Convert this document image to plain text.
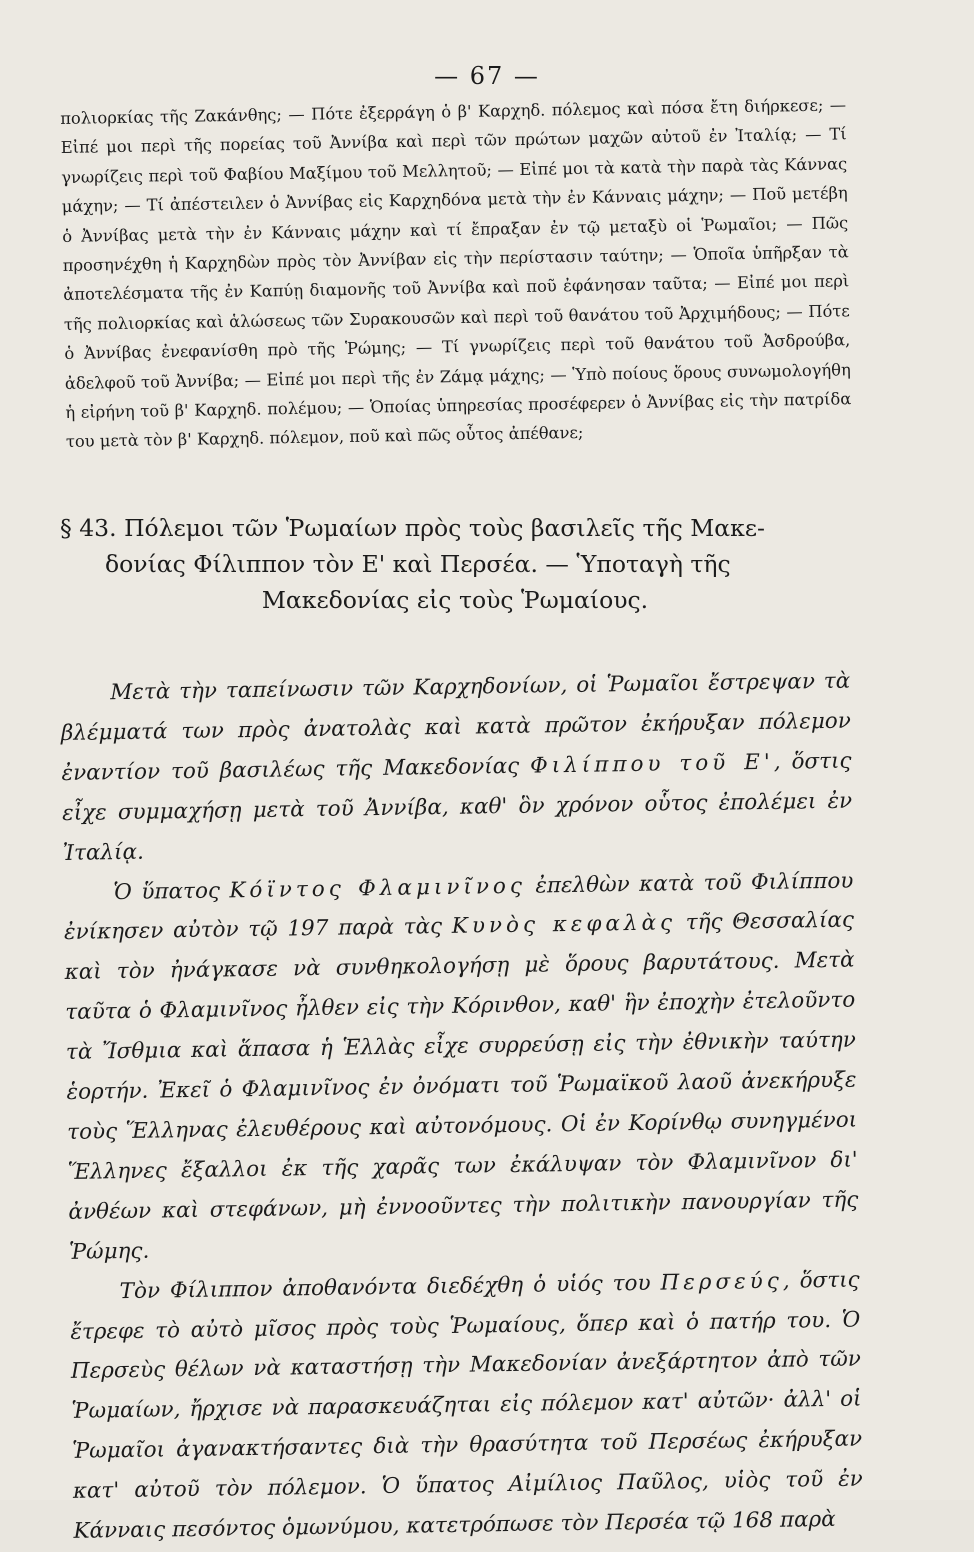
— 67 —

πολιορκίας τῆς Ζακάνθης; — Πότε ἐξερράγη ὁ β' Καρχηδ. πόλεμος καὶ πόσα ἔτη διήρκεσε; — Εἰπέ μοι περὶ τῆς πορείας τοῦ Ἀννίβα καὶ περὶ τῶν πρώτων μαχῶν αὐτοῦ ἐν Ἰταλίᾳ; — Τί γνωρίζεις περὶ τοῦ Φαβίου Μαξίμου τοῦ Μελλητοῦ; — Εἰπέ μοι τὰ κατὰ τὴν παρὰ τὰς Κάννας μάχην; — Τί ἀπέστειλεν ὁ Ἀννίβας εἰς Καρχηδόνα μετὰ τὴν ἐν Κάνναις μάχην; — Ποῦ μετέβη ὁ Ἀννίβας μετὰ τὴν ἐν Κάνναις μάχην καὶ τί ἔπραξαν ἐν τῷ μεταξὺ οἱ Ῥωμαῖοι; — Πῶς προσηνέχθη ἡ Καρχηδὼν πρὸς τὸν Ἀννίβαν εἰς τὴν περίστασιν ταύτην; — Ὁποῖα ὑπῆρξαν τὰ ἀποτελέσματα τῆς ἐν Καπύῃ διαμονῆς τοῦ Ἀννίβα καὶ ποῦ ἐφάνησαν ταῦτα; — Εἰπέ μοι περὶ τῆς πολιορκίας καὶ ἁλώσεως τῶν Συρακουσῶν καὶ περὶ τοῦ θανάτου τοῦ Ἀρχιμήδους; — Πότε ὁ Ἀννίβας ἐνεφανίσθη πρὸ τῆς Ῥώμης; — Τί γνωρίζεις περὶ τοῦ θανάτου τοῦ Ἀσδρούβα, ἀδελφοῦ τοῦ Ἀννίβα; — Εἰπέ μοι περὶ τῆς ἐν Ζάμᾳ μάχης; — Ὑπὸ ποίους ὅρους συνωμολογήθη ἡ εἰρήνη τοῦ β' Καρχηδ. πολέμου; — Ὁποίας ὑπηρεσίας προσέφερεν ὁ Ἀννίβας εἰς τὴν πατρίδα του μετὰ τὸν β' Καρχηδ. πόλεμον, ποῦ καὶ πῶς οὗτος ἀπέθανε;

§ 43. Πόλεμοι τῶν Ῥωμαίων πρὸς τοὺς βασιλεῖς τῆς Μακε-

δονίας Φίλιππον τὸν Ε' καὶ Περσέα. — Ὑποταγὴ τῆς

Μακεδονίας εἰς τοὺς Ῥωμαίους.

Μετὰ τὴν ταπείνωσιν τῶν Καρχηδονίων, οἱ Ῥωμαῖοι ἔστρεψαν τὰ βλέμματά των πρὸς ἀνατολὰς καὶ κατὰ πρῶτον ἐκήρυξαν πόλεμον ἐναντίον τοῦ βασιλέως τῆς Μακεδονίας Φιλίππου τοῦ Ε', ὅστις εἶχε συμμαχήσῃ μετὰ τοῦ Ἀννίβα, καθ' ὃν χρόνον οὗτος ἐπολέμει ἐν Ἰταλίᾳ.

Ὁ ὕπατος Κόϊντος Φλαμινῖνος ἐπελθὼν κατὰ τοῦ Φιλίππου ἐνίκησεν αὐτὸν τῷ 197 παρὰ τὰς Κυνὸς κεφαλὰς τῆς Θεσσαλίας καὶ τὸν ἠνάγκασε νὰ συνθηκολογήσῃ μὲ ὅρους βαρυτάτους. Μετὰ ταῦτα ὁ Φλαμινῖνος ἦλθεν εἰς τὴν Κόρινθον, καθ' ἣν ἐποχὴν ἐτελοῦντο τὰ Ἴσθμια καὶ ἅπασα ἡ Ἑλλὰς εἶχε συρρεύσῃ εἰς τὴν ἐθνικὴν ταύτην ἑορτήν. Ἐκεῖ ὁ Φλαμινῖνος ἐν ὀνόματι τοῦ Ῥωμαϊκοῦ λαοῦ ἀνεκήρυξε τοὺς Ἕλληνας ἐλευθέρους καὶ αὐτονόμους. Οἱ ἐν Κορίνθῳ συνηγμένοι Ἕλληνες ἔξαλλοι ἐκ τῆς χαρᾶς των ἐκάλυψαν τὸν Φλαμινῖνον δι' ἀνθέων καὶ στεφάνων, μὴ ἐννοοῦντες τὴν πολιτικὴν πανουργίαν τῆς Ῥώμης.

Τὸν Φίλιππον ἀποθανόντα διεδέχθη ὁ υἱός του Περσεύς, ὅστις ἔτρεφε τὸ αὐτὸ μῖσος πρὸς τοὺς Ῥωμαίους, ὅπερ καὶ ὁ πατήρ του. Ὁ Περσεὺς θέλων νὰ καταστήσῃ τὴν Μακεδονίαν ἀνεξάρτητον ἀπὸ τῶν Ῥωμαίων, ἤρχισε νὰ παρασκευάζηται εἰς πόλεμον κατ' αὐτῶν· ἀλλ' οἱ Ῥωμαῖοι ἀγανακτήσαντες διὰ τὴν θρασύτητα τοῦ Περσέως ἐκήρυξαν κατ' αὐτοῦ τὸν πόλεμον. Ὁ ὕπατος Αἰμίλιος Παῦλος, υἱὸς τοῦ ἐν Κάνναις πεσόντος ὁμωνύμου, κατετρόπωσε τὸν Περσέα τῷ 168 παρὰ
